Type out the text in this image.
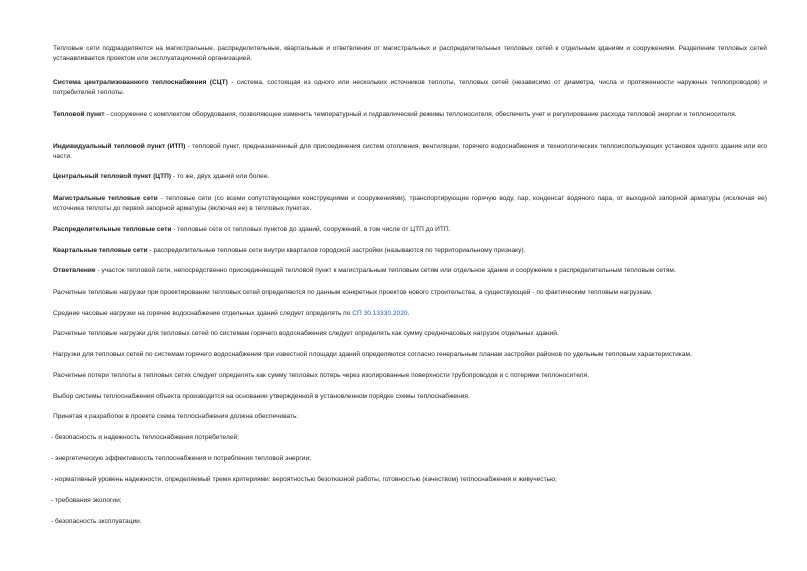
Тепловые сети подразделяются на магистральные, распределительные, квартальные и ответвления от магистральных и распределительных тепловых сетей к отдельным зданиям и сооружениям. Разделение тепловых сетей устанавливается проектом или эксплуатационной организацией.

Система централизованного теплоснабжения (СЦТ) - система, состоящая из одного или нескольких источников теплоты, тепловых сетей (независимо от диаметра, числа и протяженности наружных теплопроводов) и потребителей теплоты.

Тепловой пункт - сооружение с комплектом оборудования, позволяющее изменить температурный и гидравлический режимы теплоносителя, обеспечить учет и регулирование расхода тепловой энергии и теплоносителя.

Индивидуальный тепловой пункт (ИТП) - тепловой пункт, предназначенный для присоединения систем отопления, вентиляции, горячего водоснабжения и технологических теплоиспользующих установок одного здания или его части.

Центральный тепловой пункт (ЦТП) - то же, двух зданий или более.

Магистральные тепловые сети - тепловые сети (со всеми сопутствующими конструкциями и сооружениями), транспортирующие горячую воду, пар, конденсат водяного пара, от выходной запорной арматуры (исключая ее) источника теплоты до первой запорной арматуры (включая ее) в тепловых пунктах.

Распределительные тепловые сети - тепловые сети от тепловых пунктов до зданий, сооружений, в том числе от ЦТП до ИТП.

Квартальные тепловые сети - распределительные тепловые сети внутри кварталов городской застройки (называются по территориальному признаку).

Ответвление - участок тепловой сети, непосредственно присоединяющий тепловой пункт к магистральным тепловым сетям или отдельное здание и сооружение к распределительным тепловым сетям.

Расчетные тепловые нагрузки при проектировании тепловых сетей определяются по данным конкретных проектов нового строительства, а существующей - по фактическим тепловым нагрузкам.

Средние часовые нагрузки на горячее водоснабжение отдельных зданий следует определять по СП 30.13330.2020.

Расчетные тепловые нагрузки для тепловых сетей по системам горячего водоснабжения следует определять как сумму среднечасовых нагрузок отдельных зданий.

Нагрузки для тепловых сетей по системам горячего водоснабжения при известной площади зданий определяются согласно генеральным планам застройки районов по удельным тепловым характеристикам.

Расчетные потери теплоты в тепловых сетях следует определять как сумму тепловых потерь через изолированные поверхности трубопроводов и с потерями теплоносителя.

Выбор системы теплоснабжения объекта производится на основании утвержденной в установленном порядке схемы теплоснабжения.

Принятая к разработке в проекте схема теплоснабжения должна обеспечивать:

- безопасность и надежность теплоснабжения потребителей;

- энергетическую эффективность теплоснабжения и потребления тепловой энергии;

- нормативный уровень надежности, определяемый тремя критериями: вероятностью безотказной работы, готовностью (качеством) теплоснабжения и живучестью;

- требования экологии;

- безопасность эксплуатации.
